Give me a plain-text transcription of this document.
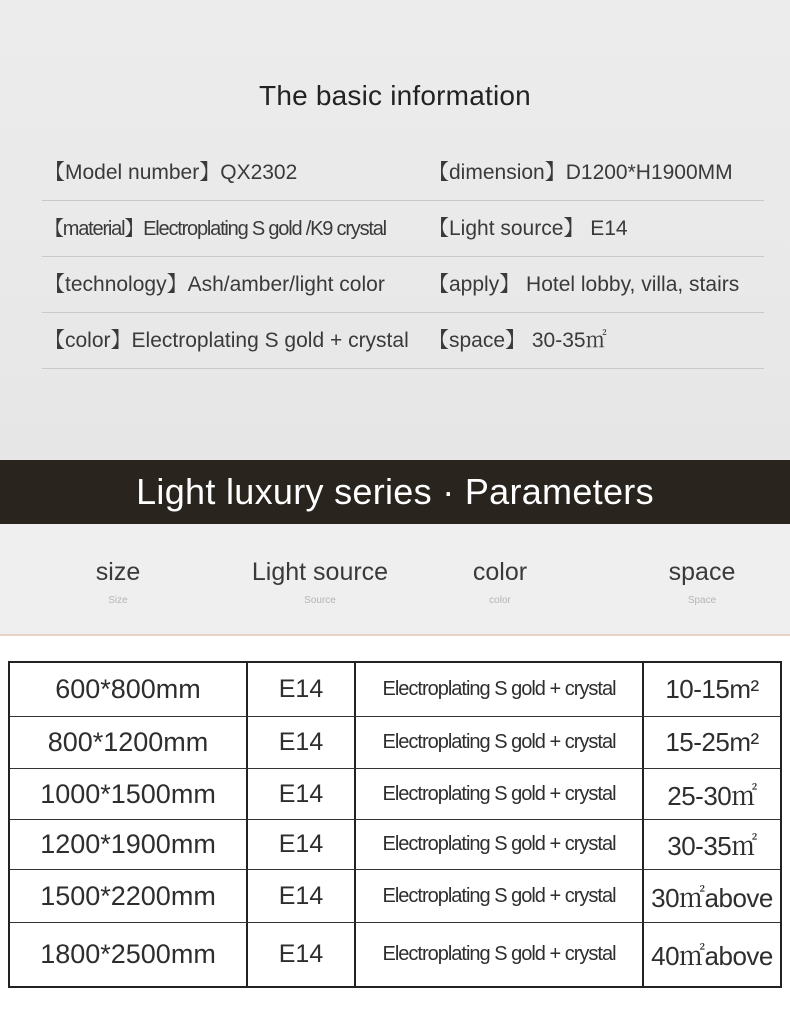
The basic information
【Model number】QX2302	【dimension】D1200*H1900MM
【material】Electroplating S gold /K9 crystal 【Light source】 E14
【technology】Ash/amber/light color 【apply】 Hotel lobby, villa, stairs
【color】Electroplating S gold + crystal 【space】 30-35㎡
Light luxury series · Parameters
size
Size
Light source
Source
color
color
space
Space
600*800mm	E14	Electroplating S gold + crystal	10-15m²
800*1200mm	E14	Electroplating S gold + crystal	15-25m²
1000*1500mm	E14	Electroplating S gold + crystal	25-30㎡
1200*1900mm	E14	Electroplating S gold + crystal	30-35㎡
1500*2200mm	E14	Electroplating S gold + crystal	30㎡above
1800*2500mm	E14	Electroplating S gold + crystal	40㎡above
